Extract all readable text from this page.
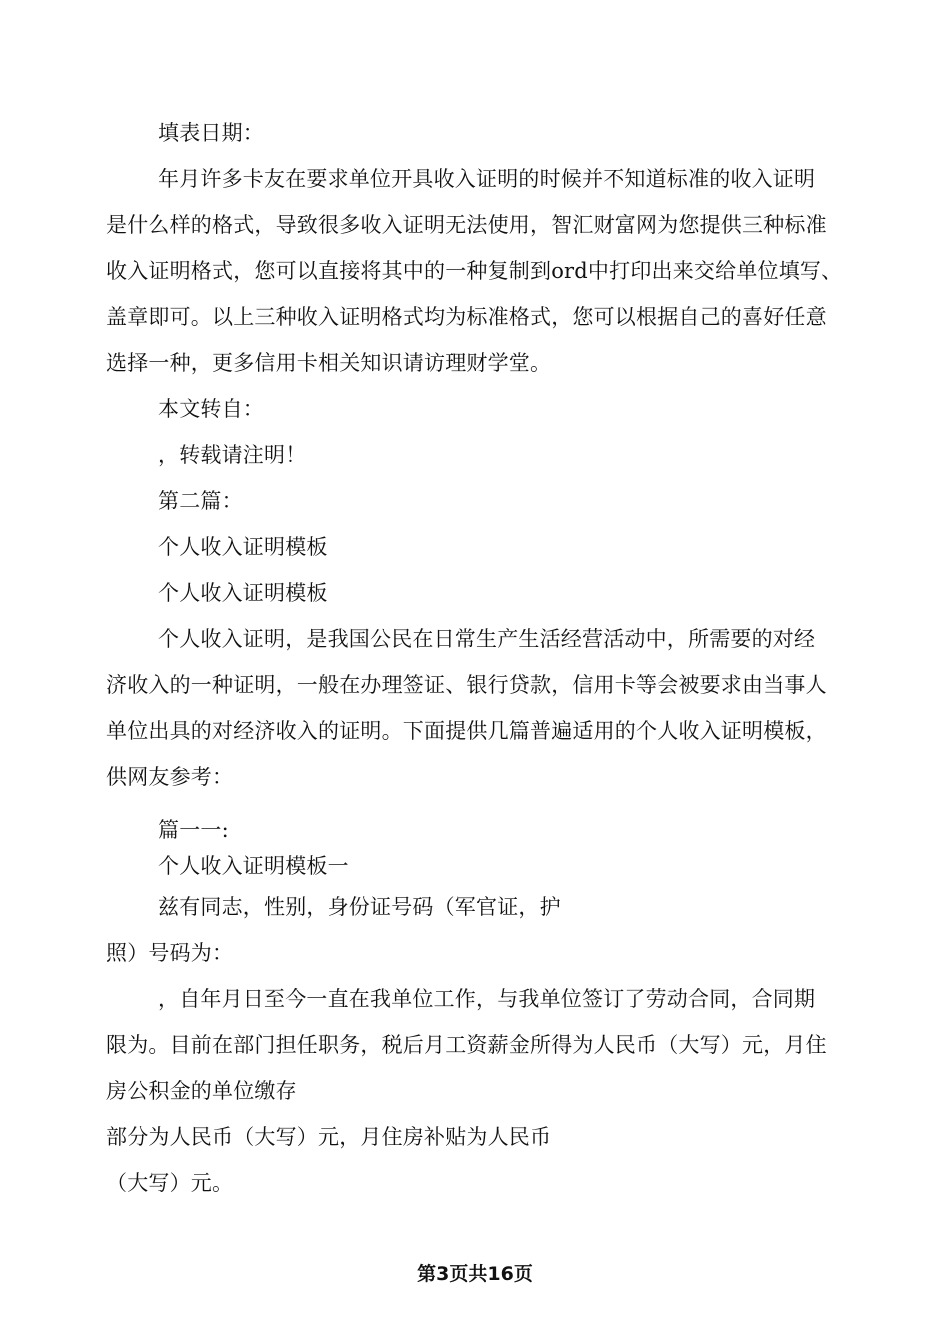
填表日期：
年月许多卡友在要求单位开具收入证明的时候并不知道标准的收入证明
是什么样的格式，导致很多收入证明无法使用，智汇财富网为您提供三种标准
收入证明格式，您可以直接将其中的一种复制到ord中打印出来交给单位填写、
盖章即可。以上三种收入证明格式均为标准格式，您可以根据自己的喜好任意
选择一种，更多信用卡相关知识请访理财学堂。
本文转自：
，转载请注明！
第二篇：
个人收入证明模板
个人收入证明模板
个人收入证明，是我国公民在日常生产生活经营活动中，所需要的对经
济收入的一种证明，一般在办理签证、银行贷款，信用卡等会被要求由当事人
单位出具的对经济收入的证明。下面提供几篇普遍适用的个人收入证明模板，
供网友参考：
篇一一:
个人收入证明模板一
兹有同志，性别，身份证号码（军官证，护
照）号码为：
，自年月日至今一直在我单位工作，与我单位签订了劳动合同，合同期
限为。目前在部门担任职务，税后月工资薪金所得为人民币（大写）元，月住
房公积金的单位缴存
部分为人民币（大写）元，月住房补贴为人民币
（大写）元。
第3页共16页
